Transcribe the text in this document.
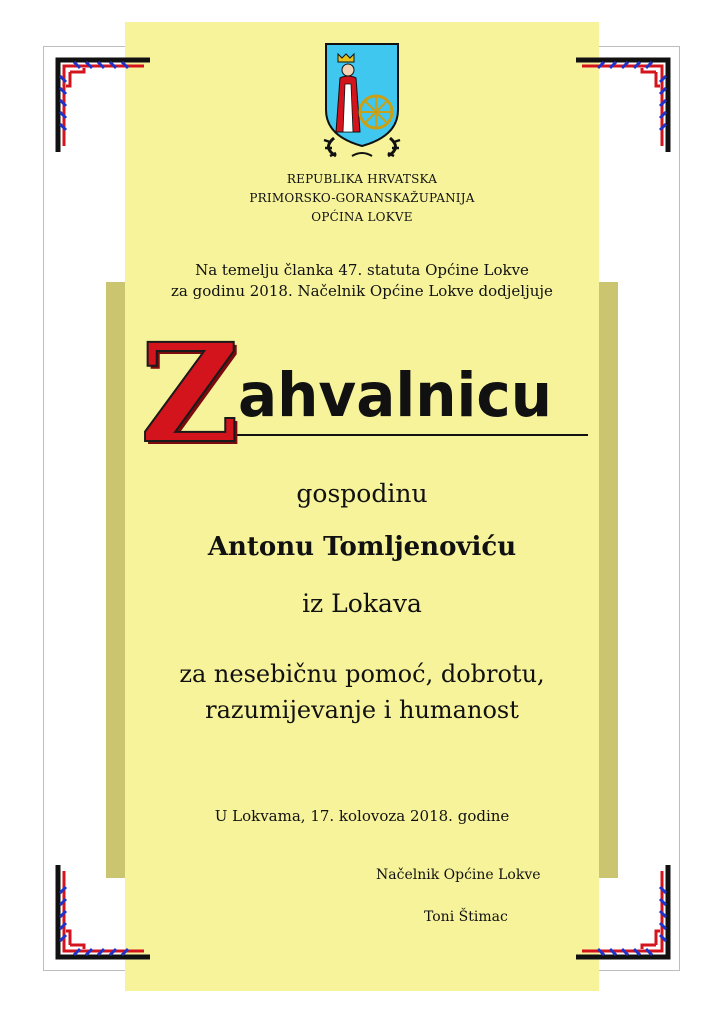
REPUBLIKA HRVATSKA
PRIMORSKO-GORANSKAŽUPANIJA
OPĆINA LOKVE
Na temelju članka 47. statuta Općine Lokve
za godinu 2018. Načelnik Općine Lokve dodjeljuje
Z
ahvalnicu
gospodinu
Antonu Tomljenoviću
iz Lokava
za nesebičnu pomoć, dobrotu,
razumijevanje i humanost
U Lokvama, 17. kolovoza 2018. godine
Načelnik Općine Lokve
Toni Štimac
